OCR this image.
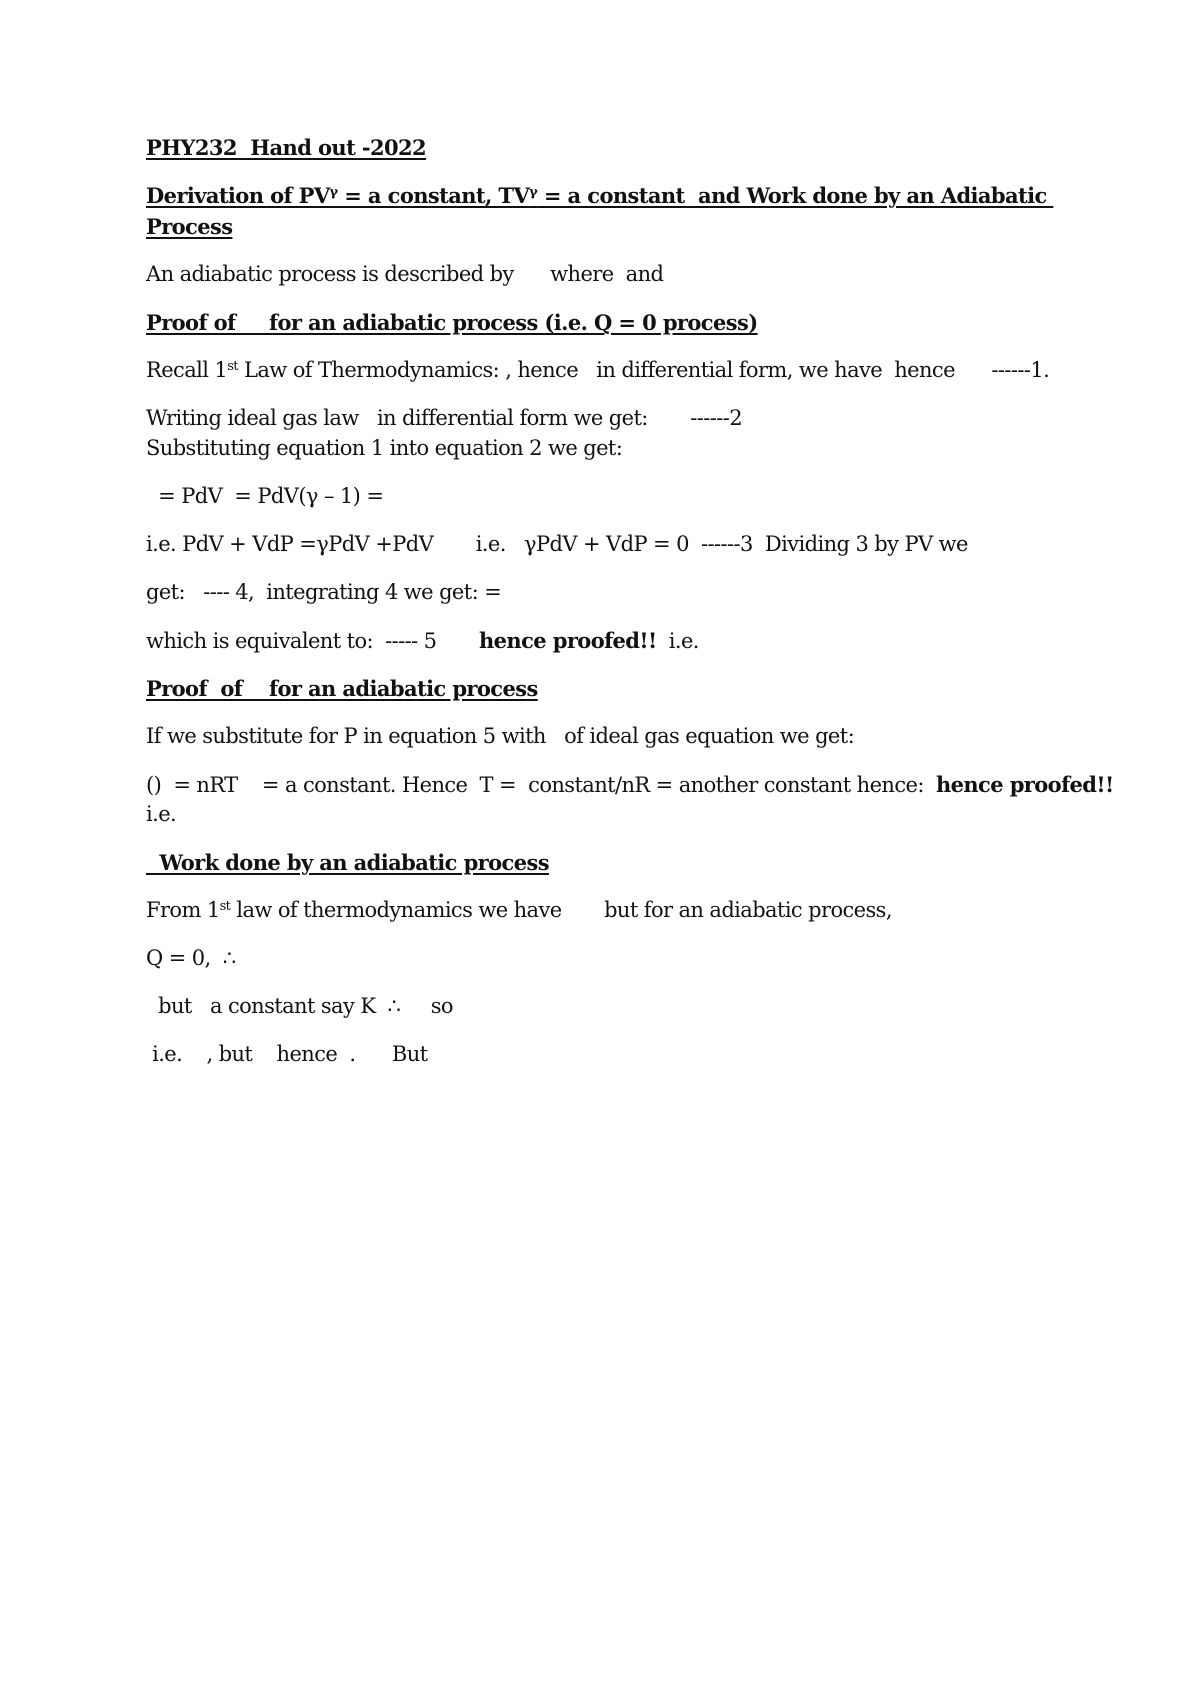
PHY232  Hand out -2022
Derivation of $PV^\gamma = a$ constant, $TV^\gamma = a$ constant  and Work done by an Adiabatic
Process
An adiabatic process is described by      where  and
Proof of     for an adiabatic process (i.e. Q = 0 process)
Recall 1st Law of Thermodynamics: , hence   in differential form, we have  hence      ------1.
Writing ideal gas law   in differential form we get:       ------2
Substituting equation 1 into equation 2 we get:
= PdV  = PdV(γ – 1) =
i.e. PdV + VdP =γPdV +PdV       i.e.   γPdV + VdP = 0  ------3  Dividing 3 by PV we
get:   ---- 4,  integrating 4 we get: =
which is equivalent to:  ----- 5       hence proofed!!  i.e.
Proof  of    for an adiabatic process
If we substitute for P in equation 5 with   of ideal gas equation we get:
()  = nRT    = a constant. Hence  T =  constant/nR = another constant hence:  hence proofed!!
i.e.
Work done by an adiabatic process
From 1st law of thermodynamics we have       but for an adiabatic process,
Q = 0,  ∴
but   a constant say K  ∴     so
i.e.    , but    hence  .      But
